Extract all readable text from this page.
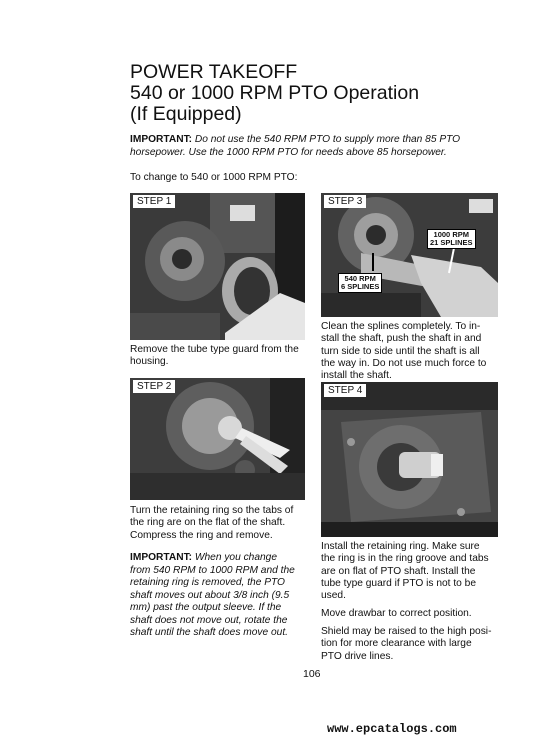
POWER TAKEOFF
540 or 1000 RPM PTO Operation
(If Equipped)

IMPORTANT: Do not use the 540 RPM PTO to supply more than 85 PTO horsepower. Use the 1000 RPM PTO for needs above 85 horsepower.

To change to 540 or 1000 RPM PTO:

STEP 1
Remove the tube type guard from the
housing.
STEP 2
Turn the retaining ring so the tabs of
the ring are on the flat of the shaft.
Compress the ring and remove.
IMPORTANT: When you change
from 540 RPM to 1000 RPM and the
retaining ring is removed, the PTO
shaft moves out about 3/8 inch (9.5
mm) past the output sleeve. If the
shaft does not move out, rotate the
shaft until the shaft does move out.
STEP 3
1000 RPM
21 SPLINES
540 RPM
6 SPLINES
Clean the splines completely. To in-
stall the shaft, push the shaft in and
turn side to side until the shaft is all
the way in. Do not use much force to
install the shaft.
STEP 4
Install the retaining ring. Make sure
the ring is in the ring groove and tabs
are on flat of PTO shaft. Install the
tube type guard if PTO is not to be
used.
Move drawbar to correct position.
Shield may be raised to the high posi-
tion for more clearance with large
PTO drive lines.
106
www.epcatalogs.com
